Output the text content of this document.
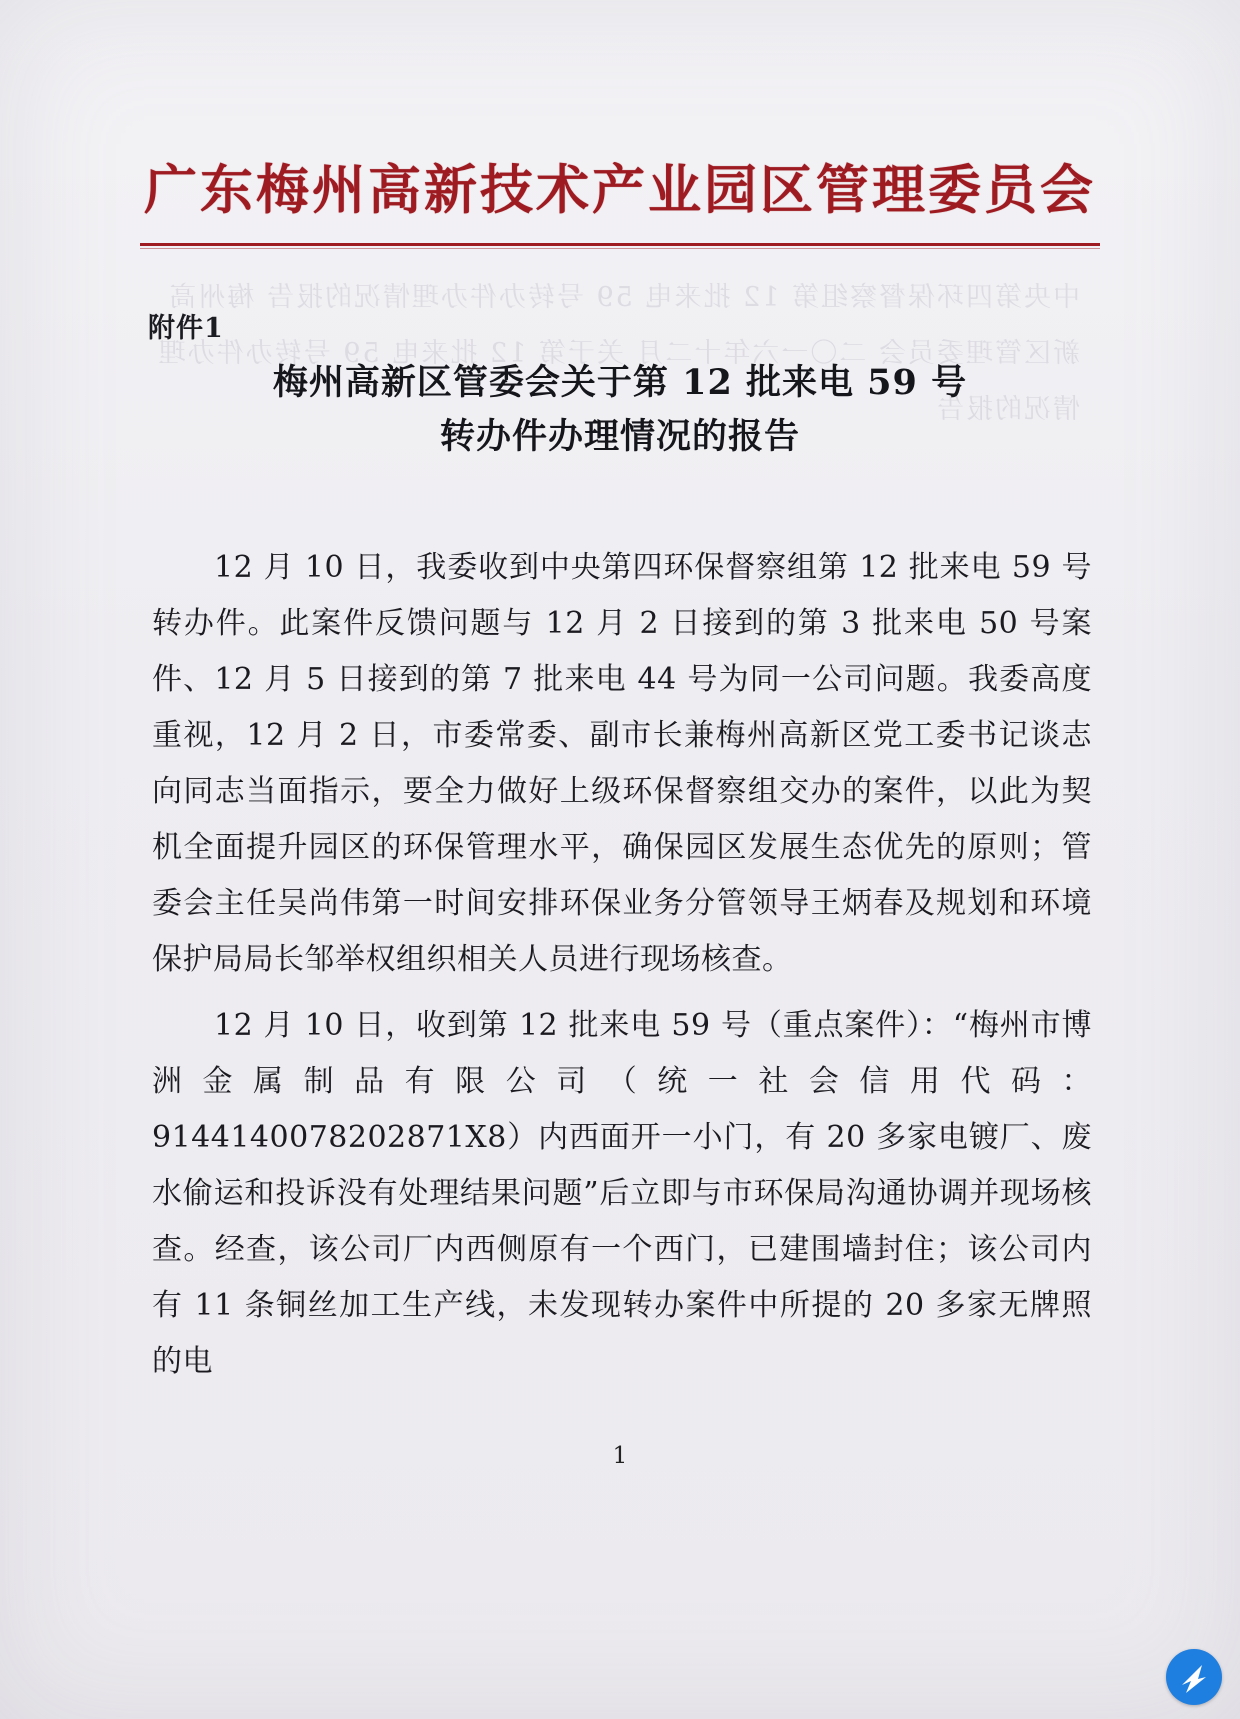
中央第四环保督察组第 12 批来电 59 号转办件办理情况的报告 梅州高新区管理委员会 二〇一六年十二月 关于第 12 批来电 59 号转办件办理情况的报告
广东梅州高新技术产业园区管理委员会
附件1
梅州高新区管委会关于第 12 批来电 59 号
转办件办理情况的报告

12 月 10 日，我委收到中央第四环保督察组第 12 批来电 59 号转办件。此案件反馈问题与 12 月 2 日接到的第 3 批来电 50 号案件、12 月 5 日接到的第 7 批来电 44 号为同一公司问题。我委高度重视，12 月 2 日，市委常委、副市长兼梅州高新区党工委书记谈志向同志当面指示，要全力做好上级环保督察组交办的案件，以此为契机全面提升园区的环保管理水平，确保园区发展生态优先的原则；管委会主任吴尚伟第一时间安排环保业务分管领导王炳春及规划和环境保护局局长邹举权组织相关人员进行现场核查。

12 月 10 日，收到第 12 批来电 59 号（重点案件）：“梅州市博洲金属制品有限公司（统一社会信用代码：9144140078202871X8）内西面开一小门，有 20 多家电镀厂、废水偷运和投诉没有处理结果问题”后立即与市环保局沟通协调并现场核查。经查，该公司厂内西侧原有一个西门，已建围墙封住；该公司内有 11 条铜丝加工生产线，未发现转办案件中所提的 20 多家无牌照的电

1
